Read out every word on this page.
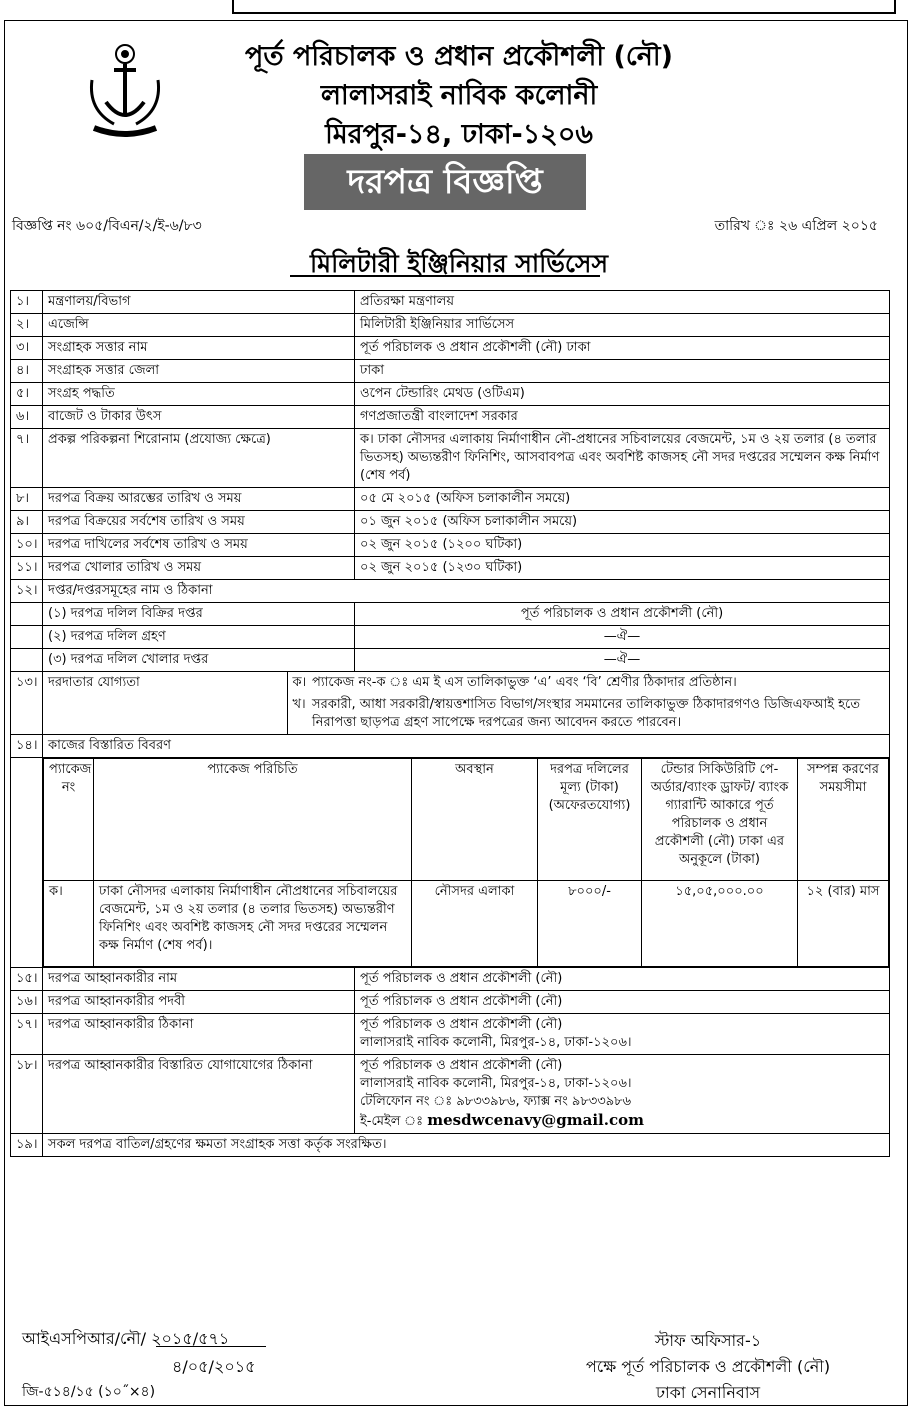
পূর্ত পরিচালক ও প্রধান প্রকৌশলী (নৌ)
লালাসরাই নাবিক কলোনী
মিরপুর-১৪, ঢাকা-১২০৬
দরপত্র বিজ্ঞপ্তি
বিজ্ঞপ্তি নং ৬০৫/বিএন/২/ই-৬/৮৩	তারিখ ঃ ২৬ এপ্রিল ২০১৫
মিলিটারী ইঞ্জিনিয়ার সার্ভিসেস
১।	মন্ত্রণালয়/বিভাগ	প্রতিরক্ষা মন্ত্রণালয়
২।	এজেন্সি	মিলিটারী ইঞ্জিনিয়ার সার্ভিসেস
৩।	সংগ্রাহক সত্তার নাম	পূর্ত পরিচালক ও প্রধান প্রকৌশলী (নৌ) ঢাকা
৪।	সংগ্রাহক সত্তার জেলা	ঢাকা
৫।	সংগ্রহ পদ্ধতি	ওপেন টেন্ডারিং মেথড (ওটিএম)
৬।	বাজেট ও টাকার উৎস	গণপ্রজাতন্ত্রী বাংলাদেশ সরকার
৭।	প্রকল্প পরিকল্পনা শিরোনাম (প্রযোজ্য ক্ষেত্রে)	ক। ঢাকা নৌসদর এলাকায় নির্মাণাধীন নৌ-প্রধানের সচিবালয়ের বেজমেন্ট, ১ম ও ২য় তলার (৪ তলার ভিতসহ) অভ্যন্তরীণ ফিনিশিং, আসবাবপত্র এবং অবশিষ্ট কাজসহ নৌ সদর দপ্তরের সম্মেলন কক্ষ নির্মাণ (শেষ পর্ব)
৮।	দরপত্র বিক্রয় আরম্ভের তারিখ ও সময়	০৫ মে ২০১৫ (অফিস চলাকালীন সময়ে)
৯।	দরপত্র বিক্রয়ের সর্বশেষ তারিখ ও সময়	০১ জুন ২০১৫ (অফিস চলাকালীন সময়ে)
১০।	দরপত্র দাখিলের সর্বশেষ তারিখ ও সময়	০২ জুন ২০১৫ (১২০০ ঘটিকা)
১১।	দরপত্র খোলার তারিখ ও সময়	০২ জুন ২০১৫ (১২৩০ ঘটিকা)
১২।	দপ্তর/দপ্তরসমূহের নাম ও ঠিকানা
	(১) দরপত্র দলিল বিক্রির দপ্তর	পূর্ত পরিচালক ও প্রধান প্রকৌশলী (নৌ)
	(২) দরপত্র দলিল গ্রহণ	—ঐ—
	(৩) দরপত্র দলিল খোলার দপ্তর	—ঐ—
১৩।	দরদাতার যোগ্যতা	ক।	প্যাকেজ নং-ক ঃ এম ই এস তালিকাভুক্ত ‘এ’ এবং ‘বি’ শ্রেণীর ঠিকাদার প্রতিষ্ঠান।
খ।	সরকারী, আধা সরকারী/স্বায়ত্তশাসিত বিভাগ/সংস্থার সমমানের তালিকাভুক্ত ঠিকাদারগণও ডিজিএফআই হতে নিরাপত্তা ছাড়পত্র গ্রহণ সাপেক্ষে দরপত্রের জন্য আবেদন করতে পারবেন।

১৪।	কাজের বিস্তারিত বিবরণ

প্যাকেজ নং	প্যাকেজ পরিচিতি	অবস্থান	দরপত্র দলিলের মূল্য (টাকা) (অফেরতযোগ্য)	টেন্ডার সিকিউরিটি পে-অর্ডার/ব্যাংক ড্রাফট/ ব্যাংক গ্যারান্টি আকারে পূর্ত পরিচালক ও প্রধান প্রকৌশলী (নৌ) ঢাকা এর অনুকূলে (টাকা)	সম্পন্ন করণের সময়সীমা
ক।	ঢাকা নৌসদর এলাকায় নির্মাণাধীন নৌপ্রধানের সচিবালয়ের বেজমেন্ট, ১ম ও ২য় তলার (৪ তলার ভিতসহ) অভ্যন্তরীণ ফিনিশিং এবং অবশিষ্ট কাজসহ নৌ সদর দপ্তরের সম্মেলন কক্ষ নির্মাণ (শেষ পর্ব)।	নৌসদর এলাকা	৮০০০/-	১৫,০৫,০০০.০০	১২ (বার) মাস

১৫।	দরপত্র আহ্বানকারীর নাম	পূর্ত পরিচালক ও প্রধান প্রকৌশলী (নৌ)
১৬।	দরপত্র আহ্বানকারীর পদবী	পূর্ত পরিচালক ও প্রধান প্রকৌশলী (নৌ)
১৭।	দরপত্র আহ্বানকারীর ঠিকানা	পূর্ত পরিচালক ও প্রধান প্রকৌশলী (নৌ)
লালাসরাই নাবিক কলোনী, মিরপুর-১৪, ঢাকা-১২০৬।

১৮।	দরপত্র আহ্বানকারীর বিস্তারিত যোগাযোগের ঠিকানা	পূর্ত পরিচালক ও প্রধান প্রকৌশলী (নৌ)
লালাসরাই নাবিক কলোনী, মিরপুর-১৪, ঢাকা-১২০৬।
টেলিফোন নং ঃ ৯৮৩৩৯৮৬, ফ্যাক্স নং ৯৮৩৩৯৮৬
ই-মেইল ঃ mesdwcenavy@gmail.com

১৯।	সকল দরপত্র বাতিল/গ্রহণের ক্ষমতা সংগ্রাহক সত্তা কর্তৃক সংরক্ষিত।
আইএসপিআর/নৌ/ ২০১৫/৫৭১
৪/০৫/২০১৫
জি-৫১৪/১৫ (১০˝×৪)
স্টাফ অফিসার-১
পক্ষে পূর্ত পরিচালক ও প্রকৌশলী (নৌ)
ঢাকা সেনানিবাস
